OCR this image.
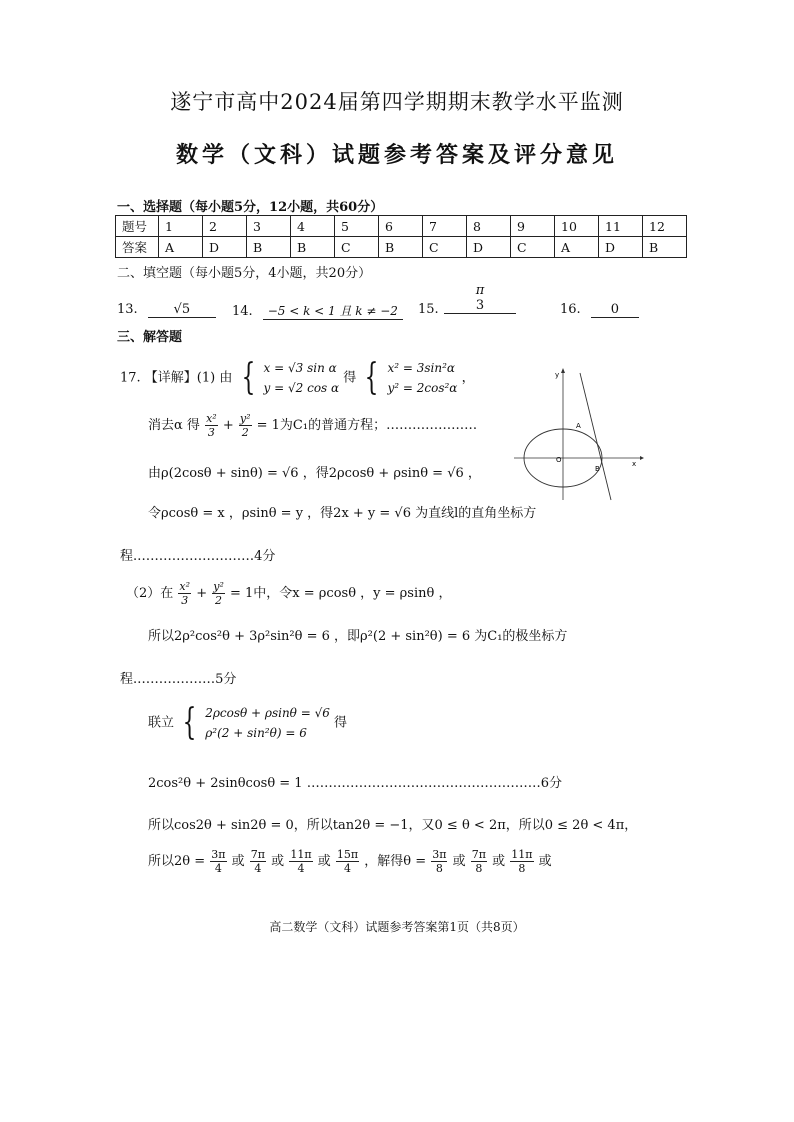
遂宁市高中2024届第四学期期末教学水平监测
数学（文科）试题参考答案及评分意见
一、选择题（每小题5分，12小题，共60分）
题号	1	2	3	4	5	6	7	8	9	10	11	12
答案	A	D	B	B	C	B	C	D	C	A	D	B
二、填空题（每小题5分，4小题，共20分）
13.	√5	14. −5 < k < 1 且 k ≠ −2	15.
π
3	16. 0
三、解答题
17. 【详解】(1) 由 { x = √3 sin α
y = √2 cos α
得 { x² = 3sin²α
y² = 2cos²α
，
消去α 得 $\frac{\text{x²}}{3} + \frac{\text{y²}}{2} = 1$为C₁的普通方程；…………………
由ρ(2cosθ + sinθ) = √6 ，得2ρcosθ + ρsinθ = √6 ，
令ρcosθ = x ，ρsinθ = y ，得2x + y = √6 为直线l的直角坐标方
程.………………………4分
（2）在 $\frac{\text{x²}}{3} + \frac{\text{y²}}{2} = 1$中，令x = ρcosθ ，y = ρsinθ ，
所以2ρ²cos²θ + 3ρ²sin²θ = 6 ，即ρ²(2 + sin²θ) = 6 为C₁的极坐标方
程.………………5分
联立 { 2ρcosθ + ρsinθ = √6
ρ²(2 + sin²θ) = 6
得
2cos²θ + 2sinθcosθ = 1 ………………………………………………6分
所以cos2θ + sin2θ = 0，所以tan2θ = −1，又0 ≤ θ < 2π，所以0 ≤ 2θ < 4π，
所以$2\theta = \frac{3\pi}{4}$ 或 $\frac{7\pi}{4}$ 或 $\frac{11\pi}{4}$ 或 $\frac{15\pi}{4}$ ，解得$\theta = \frac{3\pi}{8}$ 或 $\frac{7\pi}{8}$ 或 $\frac{11\pi}{8}$ 或
x
y
A
B
O
高二数学（文科）试题参考答案第1页（共8页）
